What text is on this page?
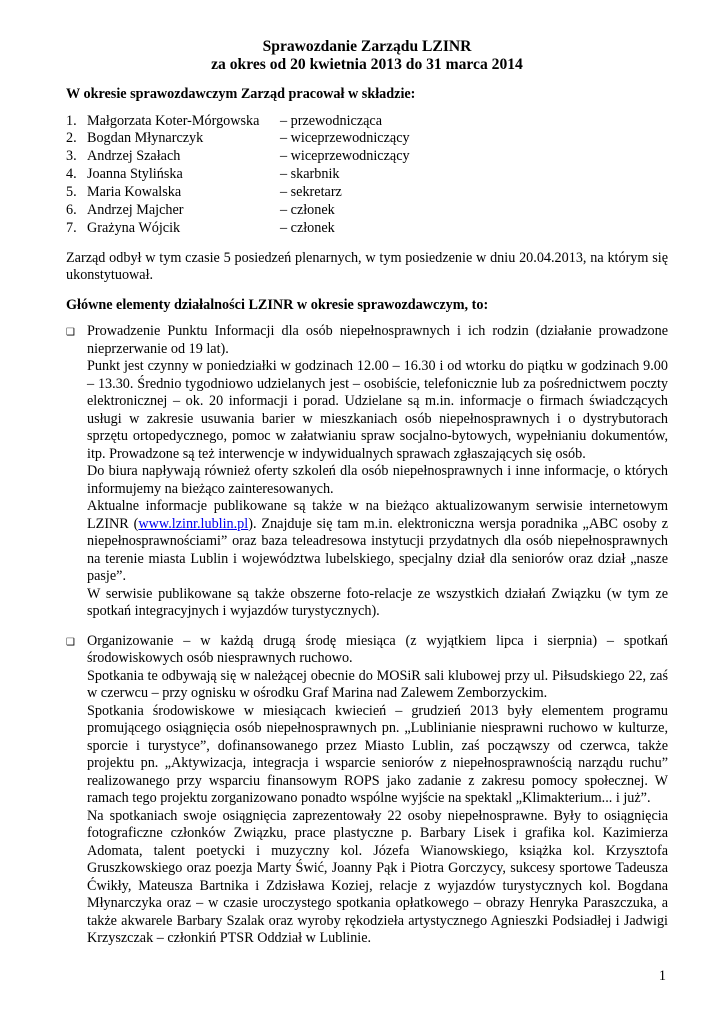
Sprawozdanie Zarządu LZINR

za okres od 20 kwietnia 2013 do 31 marca 2014

W okresie sprawozdawczym Zarząd pracował w składzie:

1. Małgorzata Koter-Mórgowska	– przewodnicząca
2. Bogdan Młynarczyk	– wiceprzewodniczący
3. Andrzej Szałach	– wiceprzewodniczący
4. Joanna Stylińska	– skarbnik
5. Maria Kowalska	– sekretarz
6. Andrzej Majcher	– członek
7. Grażyna Wójcik	– członek

Zarząd odbył w tym czasie 5 posiedzeń plenarnych, w tym posiedzenie w dniu 20.04.2013, na którym się ukonstytuował.

Główne elementy działalności LZINR w okresie sprawozdawczym, to:

❑ Prowadzenie Punktu Informacji dla osób niepełnosprawnych i ich rodzin (działanie prowadzone nieprzerwanie od 19 lat).

Punkt jest czynny w poniedziałki w godzinach 12.00 – 16.30 i od wtorku do piątku w godzinach 9.00 – 13.30. Średnio tygodniowo udzielanych jest – osobiście, telefonicznie lub za pośrednictwem poczty elektronicznej – ok. 20 informacji i porad. Udzielane są m.in. informacje o firmach świadczących usługi w zakresie usuwania barier w mieszkaniach osób niepełnosprawnych i o dystrybutorach sprzętu ortopedycznego, pomoc w załatwianiu spraw socjalno-bytowych, wypełnianiu dokumentów, itp. Prowadzone są też interwencje w indywidualnych sprawach zgłaszających się osób.

Do biura napływają również oferty szkoleń dla osób niepełnosprawnych i inne informacje, o których informujemy na bieżąco zainteresowanych.

Aktualne informacje publikowane są także w na bieżąco aktualizowanym serwisie internetowym LZINR (www.lzinr.lublin.pl). Znajduje się tam m.in. elektroniczna wersja poradnika „ABC osoby z niepełnosprawnościami” oraz baza teleadresowa instytucji przydatnych dla osób niepełnosprawnych na terenie miasta Lublin i województwa lubelskiego, specjalny dział dla seniorów oraz dział „nasze pasje”.

W serwisie publikowane są także obszerne foto-relacje ze wszystkich działań Związku (w tym ze spotkań integracyjnych i wyjazdów turystycznych).

❑ Organizowanie – w każdą drugą środę miesiąca (z wyjątkiem lipca i sierpnia) – spotkań środowiskowych osób niesprawnych ruchowo.

Spotkania te odbywają się w należącej obecnie do MOSiR sali klubowej przy ul. Piłsudskiego 22, zaś w czerwcu – przy ognisku w ośrodku Graf Marina nad Zalewem Zemborzyckim.

Spotkania środowiskowe w miesiącach kwiecień – grudzień 2013 były elementem programu promującego osiągnięcia osób niepełnosprawnych pn. „Lublinianie niesprawni ruchowo w kulturze, sporcie i turystyce”, dofinansowanego przez Miasto Lublin, zaś począwszy od czerwca, także projektu pn. „Aktywizacja, integracja i wsparcie seniorów z niepełnosprawnością narządu ruchu” realizowanego przy wsparciu finansowym ROPS jako zadanie z zakresu pomocy społecznej. W ramach tego projektu zorganizowano ponadto wspólne wyjście na spektakl „Klimakterium... i już”.

Na spotkaniach swoje osiągnięcia zaprezentowały 22 osoby niepełnosprawne. Były to osiągnięcia fotograficzne członków Związku, prace plastyczne p. Barbary Lisek i grafika kol. Kazimierza Adomata, talent poetycki i muzyczny kol. Józefa Wianowskiego, książka kol. Krzysztofa Gruszkowskiego oraz poezja Marty Świć, Joanny Pąk i Piotra Gorczycy, sukcesy sportowe Tadeusza Ćwikły, Mateusza Bartnika i Zdzisława Koziej, relacje z wyjazdów turystycznych kol. Bogdana Młynarczyka oraz – w czasie uroczystego spotkania opłatkowego – obrazy Henryka Paraszczuka, a także akwarele Barbary Szalak oraz wyroby rękodzieła artystycznego Agnieszki Podsiadłej i Jadwigi Krzyszczak – członkiń PTSR Oddział w Lublinie.

1
